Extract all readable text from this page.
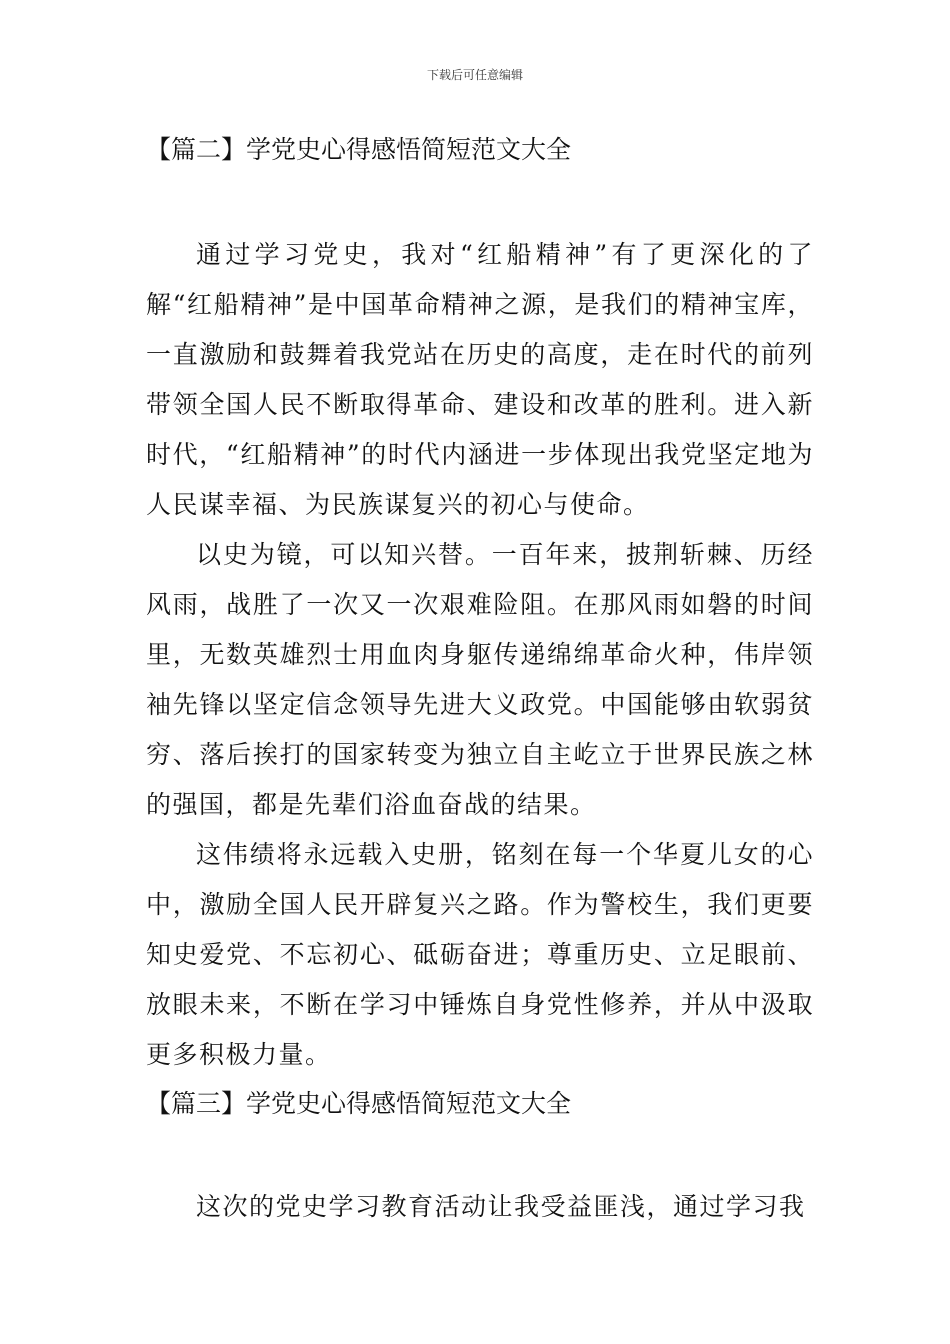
下载后可任意编辑
【篇二】学党史心得感悟简短范文大全

通过学习党史，我对“红船精神”有了更深化的了解“红船精神”是中国革命精神之源，是我们的精神宝库，一直激励和鼓舞着我党站在历史的高度，走在时代的前列带领全国人民不断取得革命、建设和改革的胜利。进入新时代，“红船精神”的时代内涵进一步体现出我党坚定地为人民谋幸福、为民族谋复兴的初心与使命。

以史为镜，可以知兴替。一百年来，披荆斩棘、历经风雨，战胜了一次又一次艰难险阻。在那风雨如磐的时间里，无数英雄烈士用血肉身躯传递绵绵革命火种，伟岸领袖先锋以坚定信念领导先进大义政党。中国能够由软弱贫穷、落后挨打的国家转变为独立自主屹立于世界民族之林的强国，都是先辈们浴血奋战的结果。

这伟绩将永远载入史册，铭刻在每一个华夏儿女的心中，激励全国人民开辟复兴之路。作为警校生，我们更要知史爱党、不忘初心、砥砺奋进；尊重历史、立足眼前、放眼未来，不断在学习中锤炼自身党性修养，并从中汲取更多积极力量。

【篇三】学党史心得感悟简短范文大全

这次的党史学习教育活动让我受益匪浅，通过学习我
